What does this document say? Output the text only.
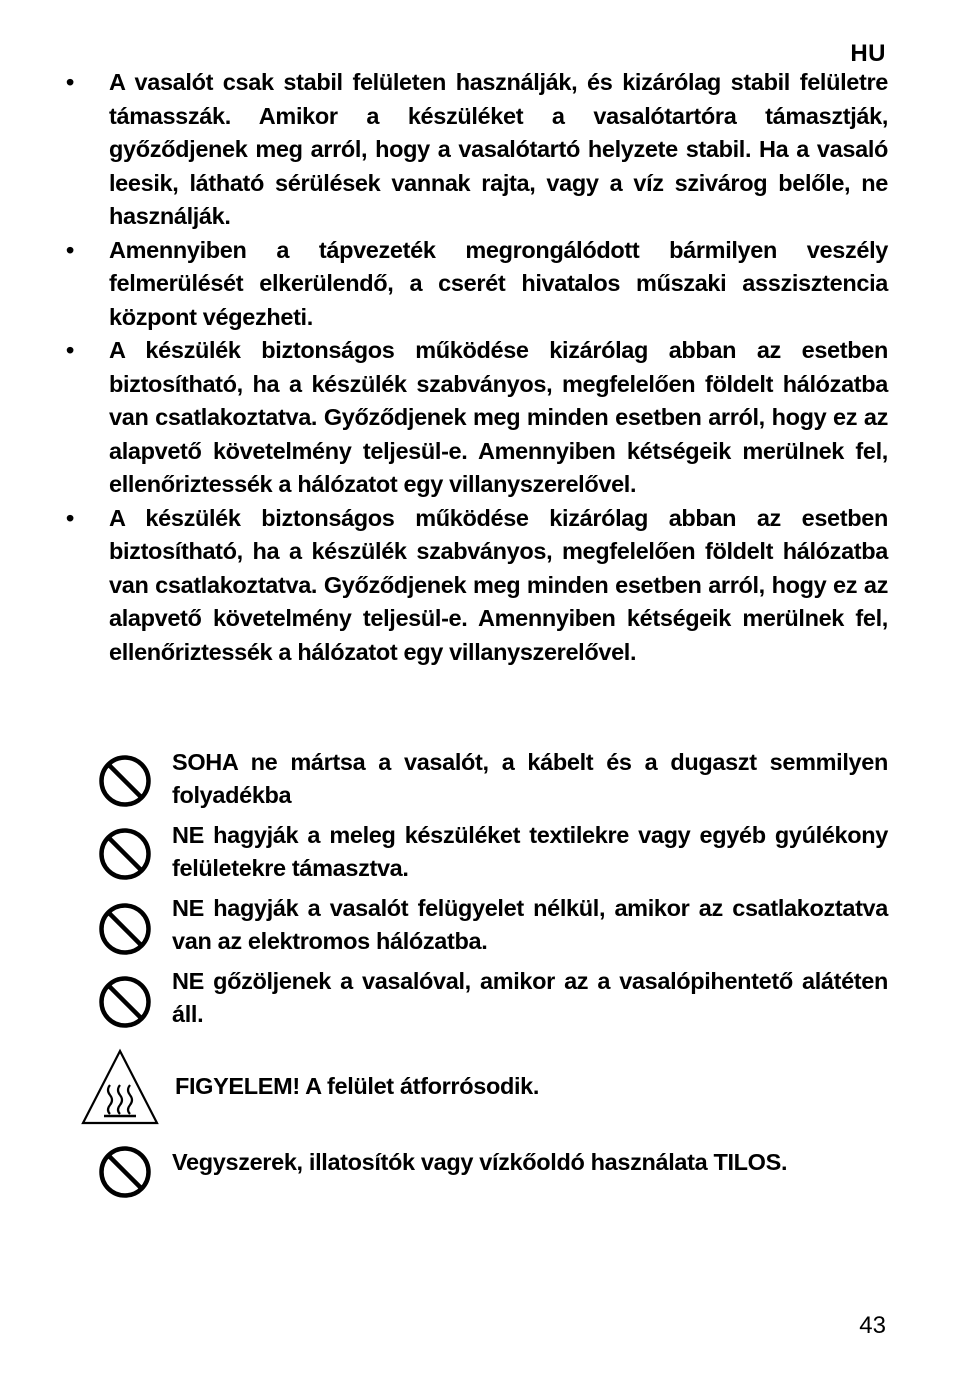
HU
• A vasalót csak stabil felületen használják, és kizárólag stabil felületre támasszák. Amikor a készüléket a vasalótartóra támasztják, győződjenek meg arról, hogy a vasalótartó helyzete stabil. Ha a vasaló leesik, látható sérülések vannak rajta, vagy a víz szivárog belőle, ne használják.
• Amennyiben a tápvezeték megrongálódott bármilyen veszély felmerülését elkerülendő, a cserét hivatalos műszaki asszisztencia központ végezheti.
• A készülék biztonságos működése kizárólag abban az esetben biztosítható, ha a készülék szabványos, megfelelően földelt hálózatba van csatlakoztatva. Győződjenek meg minden esetben arról, hogy ez az alapvető követelmény teljesül-e. Amennyiben kétségeik merülnek fel, ellenőriztessék a hálózatot egy villanyszerelővel.
• A készülék biztonságos működése kizárólag abban az esetben biztosítható, ha a készülék szabványos, megfelelően földelt hálózatba van csatlakoztatva. Győződjenek meg minden esetben arról, hogy ez az alapvető követelmény teljesül-e. Amennyiben kétségeik merülnek fel, ellenőriztessék a hálózatot egy villanyszerelővel.
SOHA ne mártsa a vasalót, a kábelt és a dugaszt semmilyen folyadékba
NE hagyják a meleg készüléket textilekre vagy egyéb gyúlékony felületekre támasztva.
NE hagyják a vasalót felügyelet nélkül, amikor az csatlakoztatva van az elektromos hálózatba.
NE gőzöljenek a vasalóval, amikor az a vasalópihentető alátéten áll.
FIGYELEM! A felület átforrósodik.
Vegyszerek, illatosítók vagy vízkőoldó használata TILOS.
43
